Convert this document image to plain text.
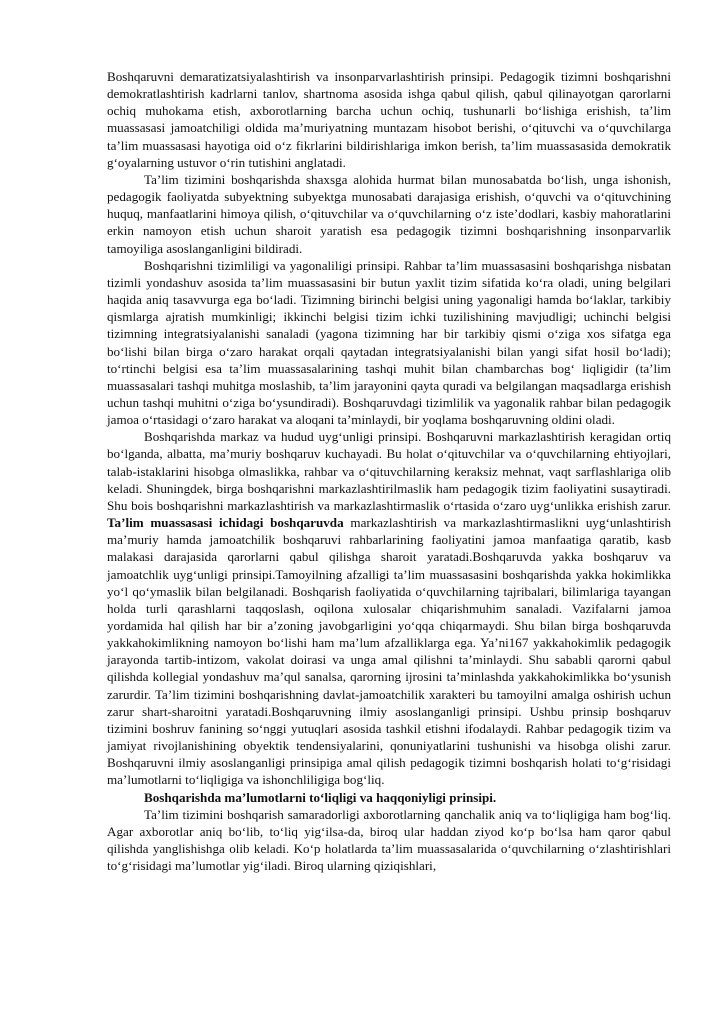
Boshqaruvni demaratizatsiyalashtirish va insonparvarlashtirish prinsipi. Pedagogik tizimni boshqarishni demokratlashtirish kadrlarni tanlov, shartnoma asosida ishga qabul qilish, qabul qilinayotgan qarorlarni ochiq muhokama etish, axborotlarning barcha uchun ochiq, tushunarli bo‘lishiga erishish, ta’lim muassasasi jamoatchiligi oldida ma’muriyatning muntazam hisobot berishi, o‘qituvchi va o‘quvchilarga ta’lim muassasasi hayotiga oid o‘z fikrlarini bildirishlariga imkon berish, ta’lim muassasasida demokratik g‘oyalarning ustuvor o‘rin tutishini anglatadi.

Ta’lim tizimini boshqarishda shaxsga alohida hurmat bilan munosabatda bo‘lish, unga ishonish, pedagogik faoliyatda subyektning subyektga munosabati darajasiga erishish, o‘quvchi va o‘qituvchining huquq, manfaatlarini himoya qilish, o‘qituvchilar va o‘quvchilarning o‘z iste’dodlari, kasbiy mahoratlarini erkin namoyon etish uchun sharoit yaratish esa pedagogik tizimni boshqarishning insonparvarlik tamoyiliga asoslanganligini bildiradi.

Boshqarishni tizimliligi va yagonaliligi prinsipi. Rahbar ta’lim muassasasini boshqarishga nisbatan tizimli yondashuv asosida ta’lim muassasasini bir butun yaxlit tizim sifatida ko‘ra oladi, uning belgilari haqida aniq tasavvurga ega bo‘ladi. Tizimning birinchi belgisi uning yagonaligi hamda bo‘laklar, tarkibiy qismlarga ajratish mumkinligi; ikkinchi belgisi tizim ichki tuzilishining mavjudligi; uchinchi belgisi tizimning integratsiyalanishi sanaladi (yagona tizimning har bir tarkibiy qismi o‘ziga xos sifatga ega bo‘lishi bilan birga o‘zaro harakat orqali qaytadan integratsiyalanishi bilan yangi sifat hosil bo‘ladi); to‘rtinchi belgisi esa ta’lim muassasalarining tashqi muhit bilan chambarchas bog‘ liqligidir (ta’lim muassasalari tashqi muhitga moslashib, ta’lim jarayonini qayta quradi va belgilangan maqsadlarga erishish uchun tashqi muhitni o‘ziga bo‘ysundiradi). Boshqaruvdagi tizimlilik va yagonalik rahbar bilan pedagogik jamoa o‘rtasidagi o‘zaro harakat va aloqani ta’minlaydi, bir yoqlama boshqaruvning oldini oladi.

Boshqarishda markaz va hudud uyg‘unligi prinsipi. Boshqaruvni markazlashtirish keragidan ortiq bo‘lganda, albatta, ma’muriy boshqaruv kuchayadi. Bu holat o‘qituvchilar va o‘quvchilarning ehtiyojlari, talab-istaklarini hisobga olmaslikka, rahbar va o‘qituvchilarning keraksiz mehnat, vaqt sarflashlariga olib keladi. Shuningdek, birga boshqarishni markazlashtirilmaslik ham pedagogik tizim faoliyatini susaytiradi. Shu bois boshqarishni markazlashtirish va markazlashtirmaslik o‘rtasida o‘zaro uyg‘unlikka erishish zarur. Ta’lim muassasasi ichidagi boshqaruvda markazlashtirish va markazlashtirmaslikni uyg‘unlashtirish ma’muriy hamda jamoatchilik boshqaruvi rahbarlarining faoliyatini jamoa manfaatiga qaratib, kasb malakasi darajasida qarorlarni qabul qilishga sharoit yaratadi.Boshqaruvda yakka boshqaruv va jamoatchlik uyg‘unligi prinsipi.Tamoyilning afzalligi ta’lim muassasasini boshqarishda yakka hokimlikka yo‘l qo‘ymaslik bilan belgilanadi. Boshqarish faoliyatida o‘quvchilarning tajribalari, bilimlariga tayangan holda turli qarashlarni taqqoslash, oqilona xulosalar chiqarishmuhim sanaladi. Vazifalarni jamoa yordamida hal qilish har bir a’zoning javobgarligini yo‘qqa chiqarmaydi. Shu bilan birga boshqaruvda yakkahokimlikning namoyon bo‘lishi ham ma’lum afzalliklarga ega. Ya’ni167 yakkahokimlik pedagogik jarayonda tartib-intizom, vakolat doirasi va unga amal qilishni ta’minlaydi. Shu sababli qarorni qabul qilishda kollegial yondashuv ma’qul sanalsa, qarorning ijrosini ta’minlashda yakkahokimlikka bo‘ysunish zarurdir. Ta’lim tizimini boshqarishning davlat-jamoatchilik xarakteri bu tamoyilni amalga oshirish uchun zarur shart-sharoitni yaratadi.Boshqaruvning ilmiy asoslanganligi prinsipi. Ushbu prinsip boshqaruv tizimini boshruv fanining so‘nggi yutuqlari asosida tashkil etishni ifodalaydi. Rahbar pedagogik tizim va jamiyat rivojlanishining obyektik tendensiyalarini, qonuniyatlarini tushunishi va hisobga olishi zarur. Boshqaruvni ilmiy asoslanganligi prinsipiga amal qilish pedagogik tizimni boshqarish holati to‘g‘risidagi ma’lumotlarni to‘liqligiga va ishonchliligiga bog‘liq.

Boshqarishda ma’lumotlarni to‘liqligi va haqqoniyligi prinsipi.

Ta’lim tizimini boshqarish samaradorligi axborotlarning qanchalik aniq va to‘liqligiga ham bog‘liq. Agar axborotlar aniq bo‘lib, to‘liq yig‘ilsa-da, biroq ular haddan ziyod ko‘p bo‘lsa ham qaror qabul qilishda yanglishishga olib keladi. Ko‘p holatlarda ta’lim muassasalarida o‘quvchilarning o‘zlashtirishlari to‘g‘risidagi ma’lumotlar yig‘iladi. Biroq ularning qiziqishlari,
